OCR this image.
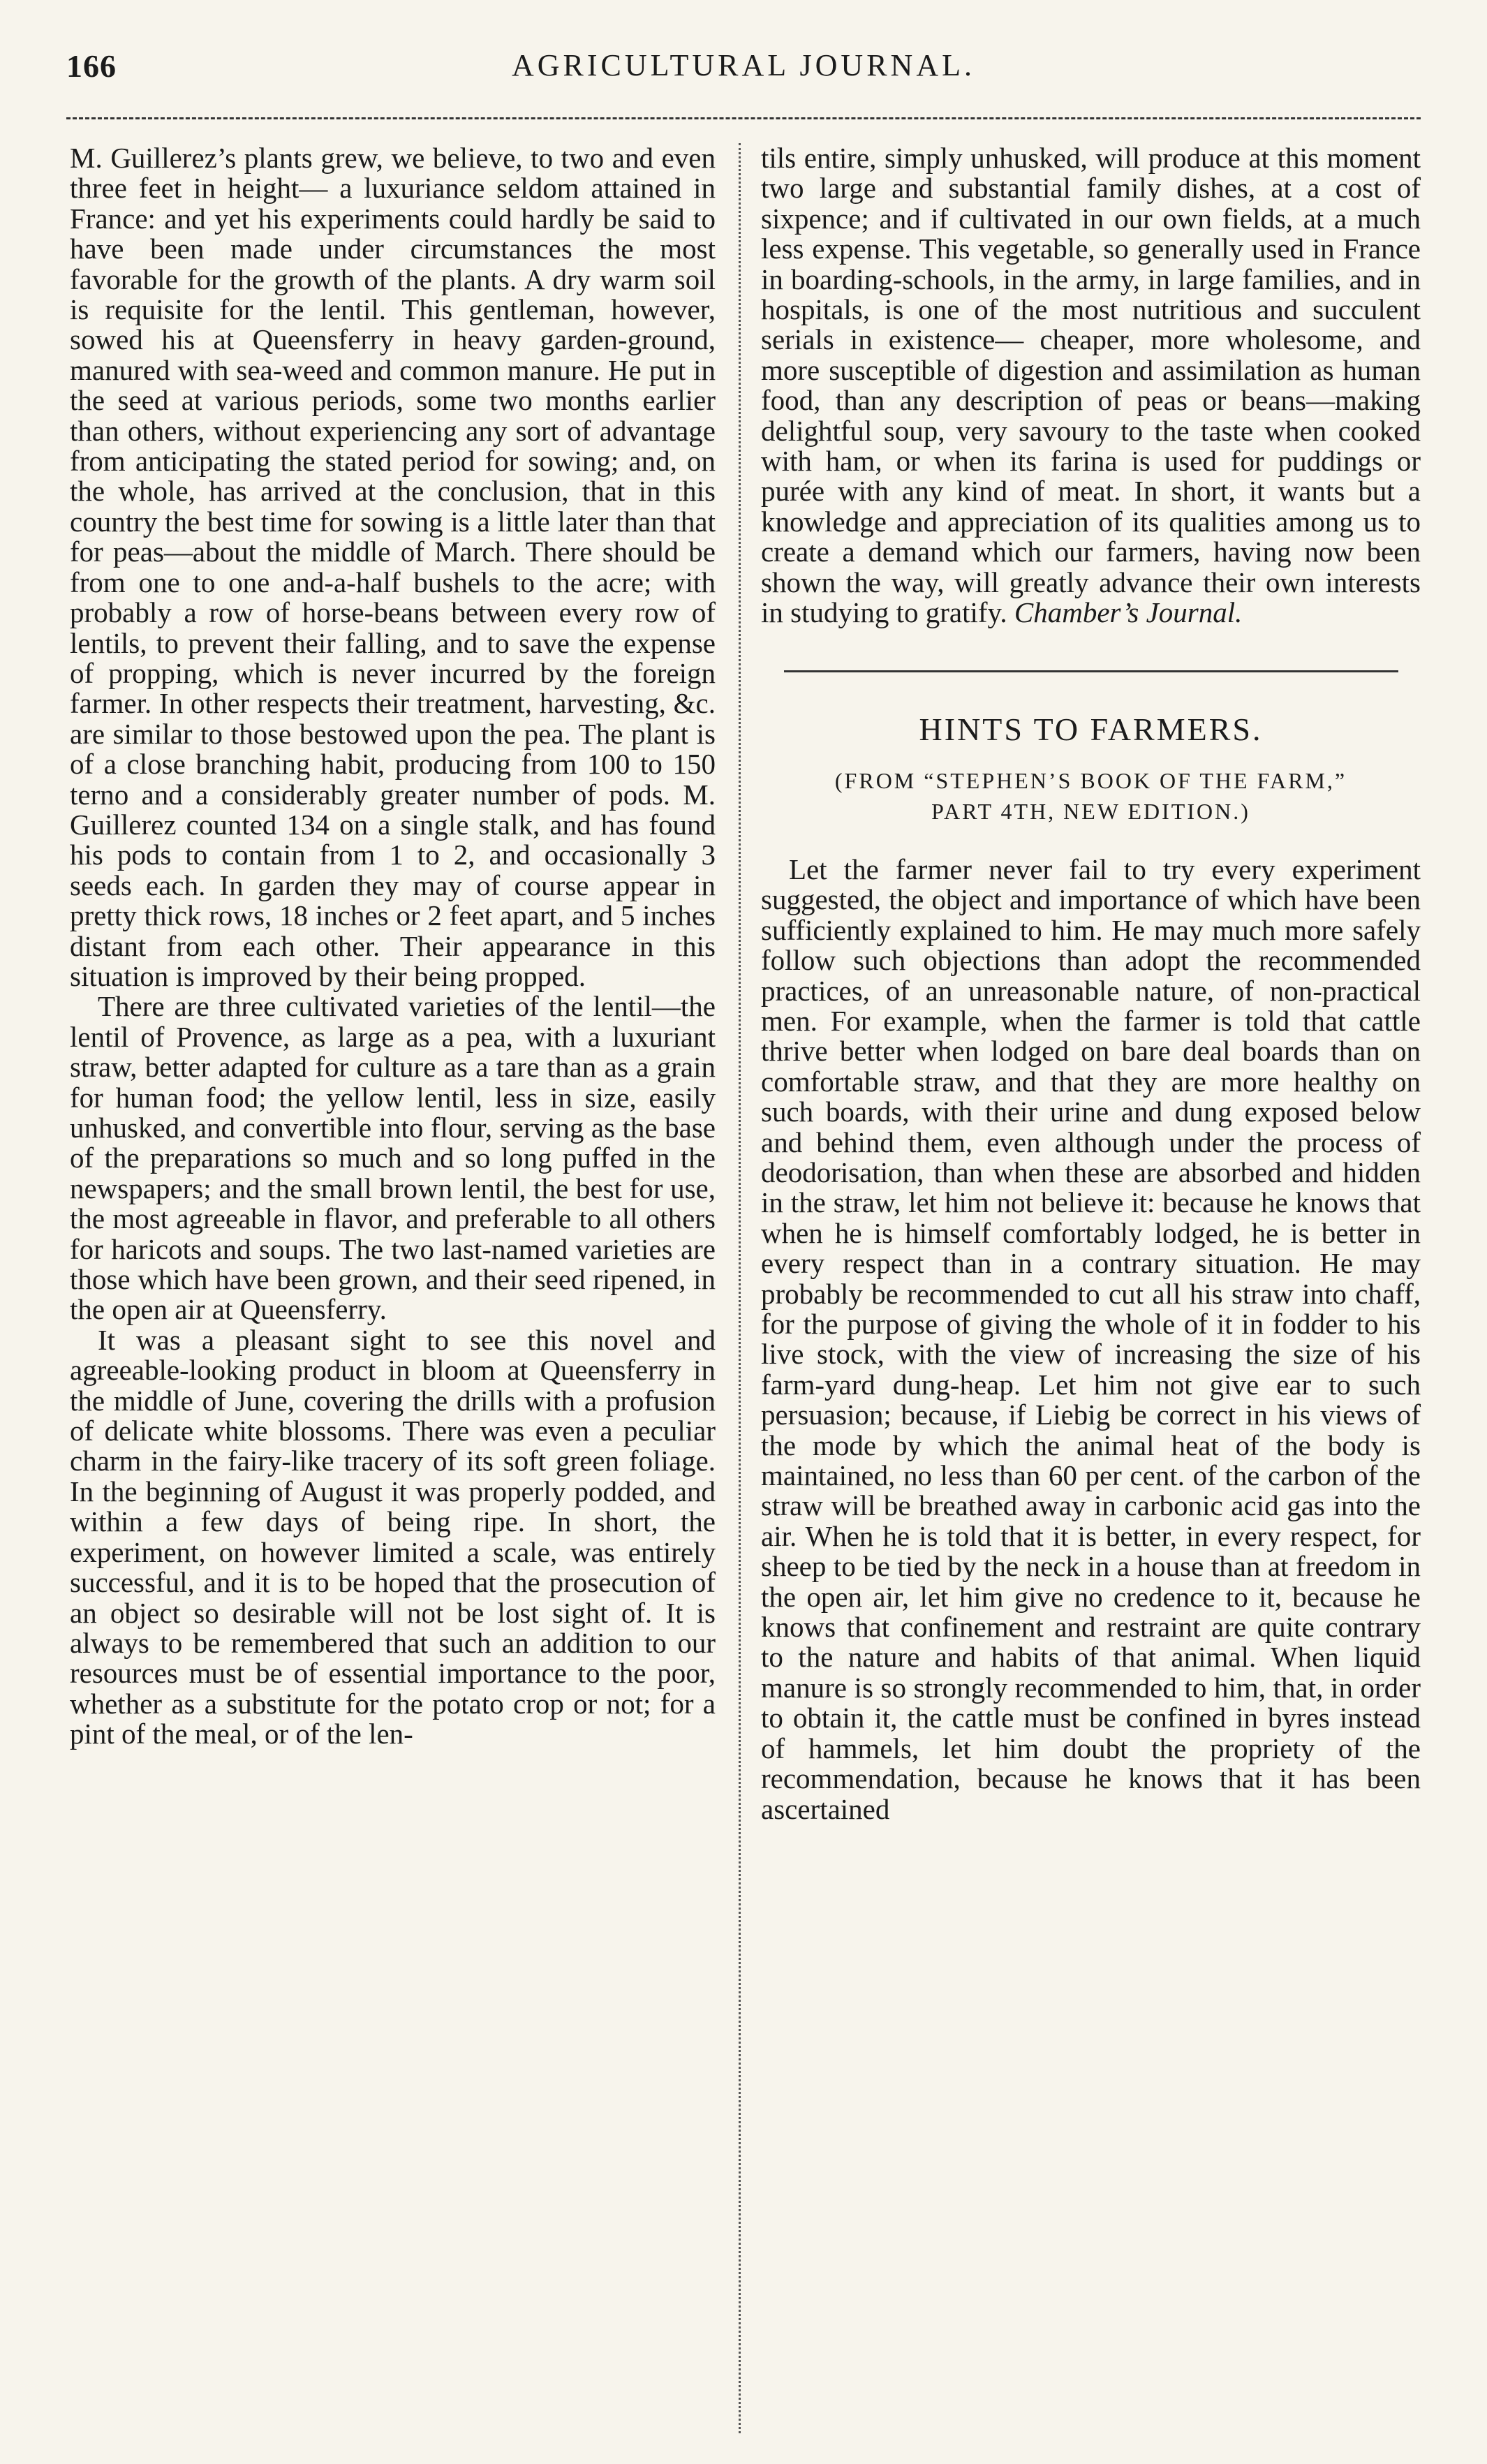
166	AGRICULTURAL JOURNAL.

M. Guillerez’s plants grew, we believe, to two and even three feet in height— a luxuriance seldom attained in France: and yet his experiments could hardly be said to have been made under circumstances the most favorable for the growth of the plants. A dry warm soil is requisite for the lentil. This gentleman, however, sowed his at Queensferry in heavy garden-ground, manured with sea-weed and common manure. He put in the seed at various periods, some two months earlier than others, without experiencing any sort of advantage from anticipating the stated period for sowing; and, on the whole, has arrived at the conclusion, that in this country the best time for sowing is a little later than that for peas—about the middle of March. There should be from one to one and-a-half bushels to the acre; with probably a row of horse-beans between every row of lentils, to prevent their falling, and to save the expense of propping, which is never incurred by the foreign farmer. In other respects their treatment, harvesting, &c. are similar to those bestowed upon the pea. The plant is of a close branching habit, producing from 100 to 150 terno and a considerably greater number of pods. M. Guillerez counted 134 on a single stalk, and has found his pods to contain from 1 to 2, and occasionally 3 seeds each. In garden they may of course appear in pretty thick rows, 18 inches or 2 feet apart, and 5 inches distant from each other. Their appearance in this situation is improved by their being propped.

There are three cultivated varieties of the lentil—the lentil of Provence, as large as a pea, with a luxuriant straw, better adapted for culture as a tare than as a grain for human food; the yellow lentil, less in size, easily unhusked, and convertible into flour, serving as the base of the preparations so much and so long puffed in the newspapers; and the small brown lentil, the best for use, the most agreeable in flavor, and preferable to all others for haricots and soups. The two last-named varieties are those which have been grown, and their seed ripened, in the open air at Queensferry.

It was a pleasant sight to see this novel and agreeable-looking product in bloom at Queensferry in the middle of June, covering the drills with a profusion of delicate white blossoms. There was even a peculiar charm in the fairy-like tracery of its soft green foliage. In the beginning of August it was properly podded, and within a few days of being ripe. In short, the experiment, on however limited a scale, was entirely successful, and it is to be hoped that the prosecution of an object so desirable will not be lost sight of. It is always to be remembered that such an addition to our resources must be of essential importance to the poor, whether as a substitute for the potato crop or not; for a pint of the meal, or of the len-

tils entire, simply unhusked, will produce at this moment two large and substantial family dishes, at a cost of sixpence; and if cultivated in our own fields, at a much less expense. This vegetable, so generally used in France in boarding-schools, in the army, in large families, and in hospitals, is one of the most nutritious and succulent serials in existence— cheaper, more wholesome, and more susceptible of digestion and assimilation as human food, than any description of peas or beans—making delightful soup, very savoury to the taste when cooked with ham, or when its farina is used for puddings or purée with any kind of meat. In short, it wants but a knowledge and appreciation of its qualities among us to create a demand which our farmers, having now been shown the way, will greatly advance their own interests in studying to gratify. Chamber’s Journal.

HINTS TO FARMERS.
(FROM “STEPHEN’S BOOK OF THE FARM,”
PART 4TH, NEW EDITION.)

Let the farmer never fail to try every experiment suggested, the object and importance of which have been sufficiently explained to him. He may much more safely follow such objections than adopt the recommended practices, of an unreasonable nature, of non-practical men. For example, when the farmer is told that cattle thrive better when lodged on bare deal boards than on comfortable straw, and that they are more healthy on such boards, with their urine and dung exposed below and behind them, even although under the process of deodorisation, than when these are absorbed and hidden in the straw, let him not believe it: because he knows that when he is himself comfortably lodged, he is better in every respect than in a contrary situation. He may probably be recommended to cut all his straw into chaff, for the purpose of giving the whole of it in fodder to his live stock, with the view of increasing the size of his farm-yard dung-heap. Let him not give ear to such persuasion; because, if Liebig be correct in his views of the mode by which the animal heat of the body is maintained, no less than 60 per cent. of the carbon of the straw will be breathed away in carbonic acid gas into the air. When he is told that it is better, in every respect, for sheep to be tied by the neck in a house than at freedom in the open air, let him give no credence to it, because he knows that confinement and restraint are quite contrary to the nature and habits of that animal. When liquid manure is so strongly recommended to him, that, in order to obtain it, the cattle must be confined in byres instead of hammels, let him doubt the propriety of the recommendation, because he knows that it has been ascertained
